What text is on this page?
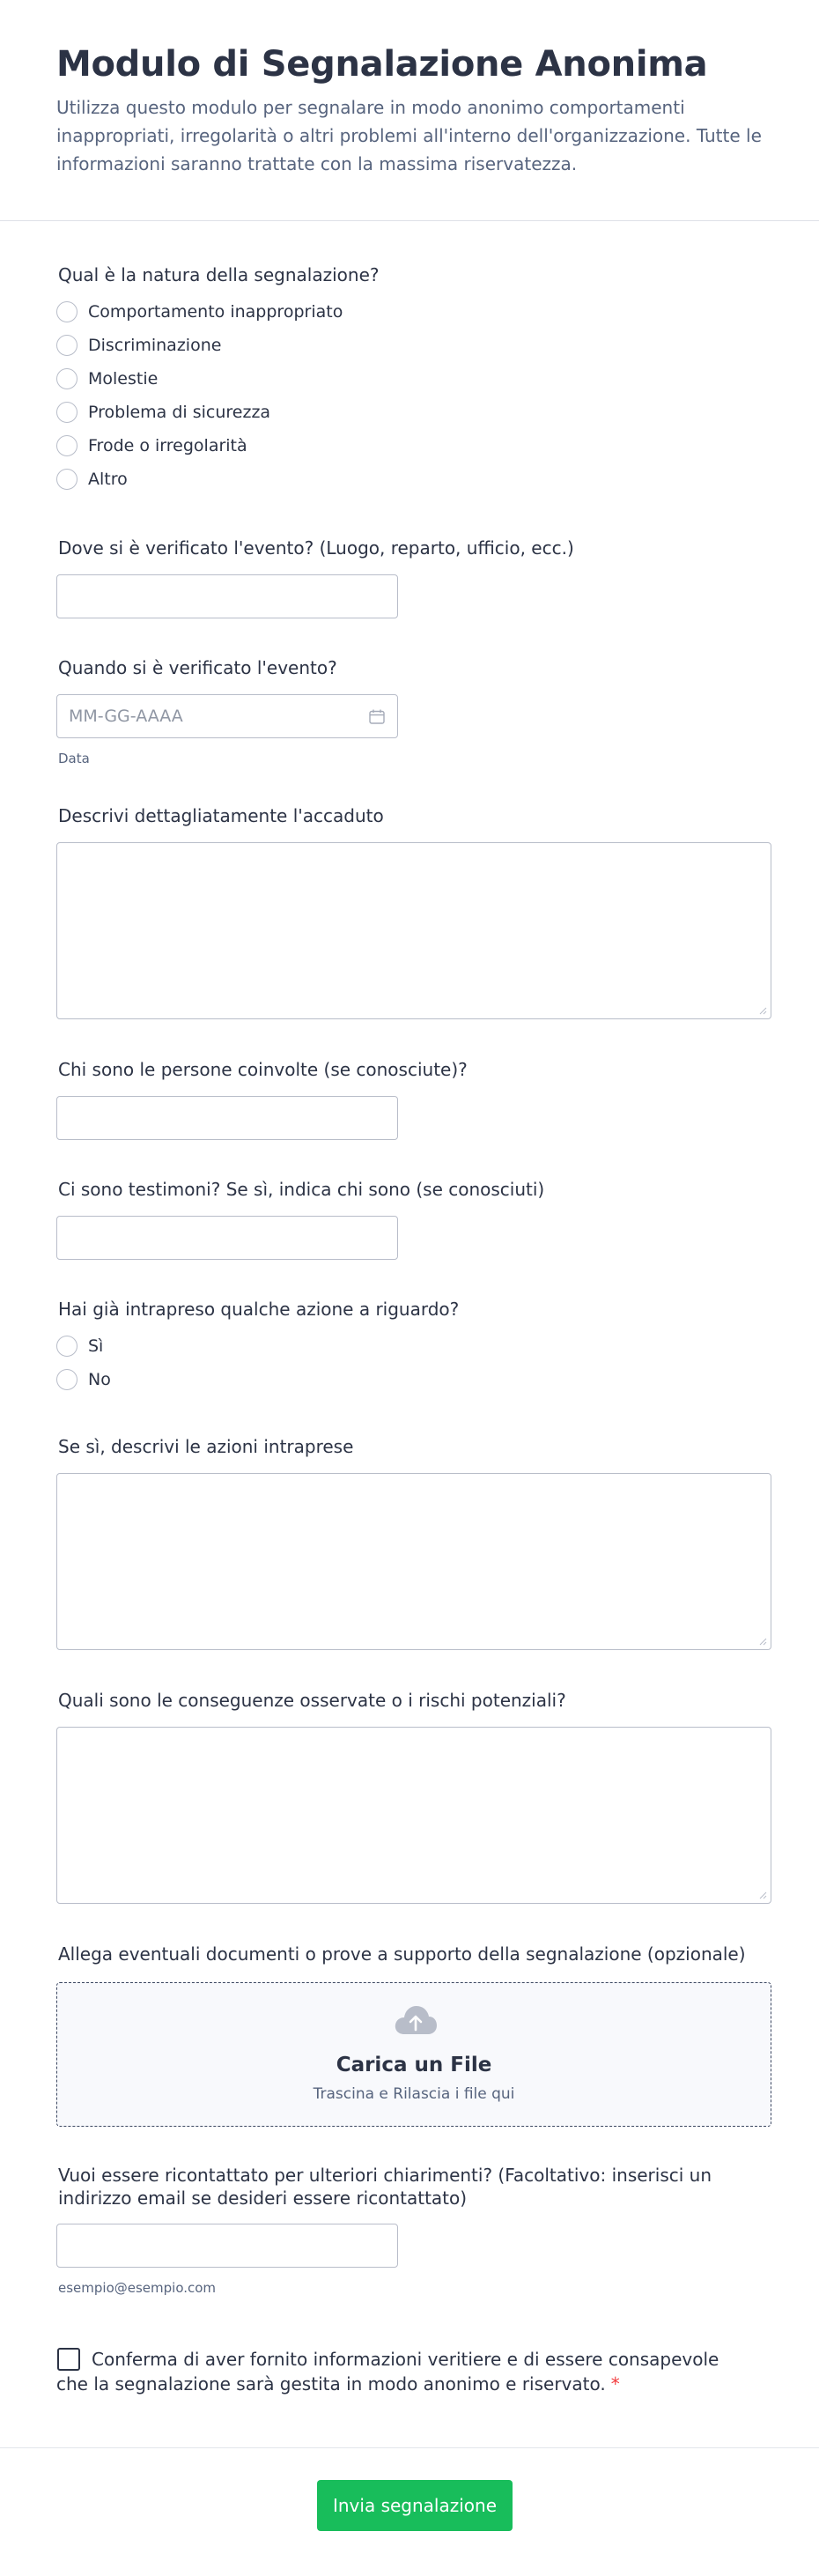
Modulo di Segnalazione Anonima

Utilizza questo modulo per segnalare in modo anonimo comportamenti inappropriati, irregolarità o altri problemi all'interno dell'organizzazione. Tutte le informazioni saranno trattate con la massima riservatezza.

Qual è la natura della segnalazione?
Comportamento inappropriato
Discriminazione
Molestie
Problema di sicurezza
Frode o irregolarità
Altro
Dove si è verificato l'evento? (Luogo, reparto, ufficio, ecc.)
Quando si è verificato l'evento?
MM-GG-AAAA
Data
Descrivi dettagliatamente l'accaduto
Chi sono le persone coinvolte (se conosciute)?
Ci sono testimoni? Se sì, indica chi sono (se conosciuti)
Hai già intrapreso qualche azione a riguardo?
Sì
No
Se sì, descrivi le azioni intraprese
Quali sono le conseguenze osservate o i rischi potenziali?
Allega eventuali documenti o prove a supporto della segnalazione (opzionale)
Carica un File
Trascina e Rilascia i file qui
Vuoi essere ricontattato per ulteriori chiarimenti? (Facoltativo: inserisci un indirizzo email se desideri essere ricontattato)
esempio@esempio.com
Conferma di aver fornito informazioni veritiere e di essere consapevole che la segnalazione sarà gestita in modo anonimo e riservato. *
Invia segnalazione
